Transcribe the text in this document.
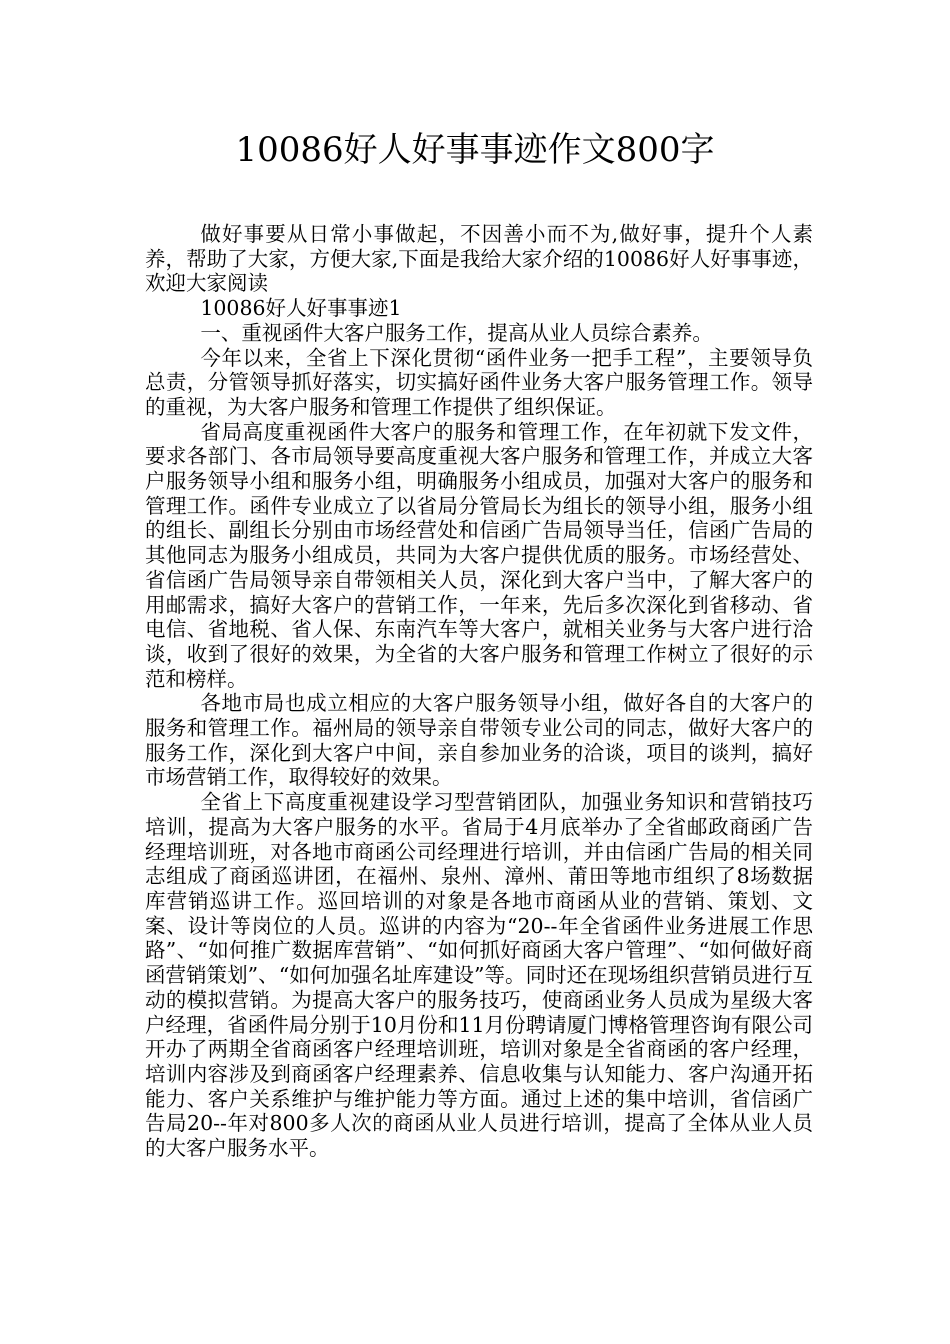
10086好人好事事迹作文800字

做好事要从日常小事做起，不因善小而不为,做好事，提升个人素养，帮助了大家，方便大家,下面是我给大家介绍的10086好人好事事迹，欢迎大家阅读

10086好人好事事迹1

一、重视函件大客户服务工作，提高从业人员综合素养。

今年以来，全省上下深化贯彻“函件业务一把手工程”，主要领导负总责，分管领导抓好落实，切实搞好函件业务大客户服务管理工作。领导的重视，为大客户服务和管理工作提供了组织保证。

省局高度重视函件大客户的服务和管理工作，在年初就下发文件，要求各部门、各市局领导要高度重视大客户服务和管理工作，并成立大客户服务领导小组和服务小组，明确服务小组成员，加强对大客户的服务和管理工作。函件专业成立了以省局分管局长为组长的领导小组，服务小组的组长、副组长分别由市场经营处和信函广告局领导当任，信函广告局的其他同志为服务小组成员，共同为大客户提供优质的服务。市场经营处、省信函广告局领导亲自带领相关人员，深化到大客户当中，了解大客户的用邮需求，搞好大客户的营销工作，一年来，先后多次深化到省移动、省电信、省地税、省人保、东南汽车等大客户，就相关业务与大客户进行洽谈，收到了很好的效果，为全省的大客户服务和管理工作树立了很好的示范和榜样。

各地市局也成立相应的大客户服务领导小组，做好各自的大客户的服务和管理工作。福州局的领导亲自带领专业公司的同志，做好大客户的服务工作，深化到大客户中间，亲自参加业务的洽谈，项目的谈判，搞好市场营销工作，取得较好的效果。

全省上下高度重视建设学习型营销团队，加强业务知识和营销技巧培训，提高为大客户服务的水平。省局于4月底举办了全省邮政商函广告经理培训班，对各地市商函公司经理进行培训，并由信函广告局的相关同志组成了商函巡讲团，在福州、泉州、漳州、莆田等地市组织了8场数据库营销巡讲工作。巡回培训的对象是各地市商函从业的营销、策划、文案、设计等岗位的人员。巡讲的内容为“20--年全省函件业务进展工作思路”、“如何推广数据库营销”、“如何抓好商函大客户管理”、“如何做好商函营销策划”、“如何加强名址库建设”等。同时还在现场组织营销员进行互动的模拟营销。为提高大客户的服务技巧，使商函业务人员成为星级大客户经理，省函件局分别于10月份和11月份聘请厦门博格管理咨询有限公司开办了两期全省商函客户经理培训班，培训对象是全省商函的客户经理，培训内容涉及到商函客户经理素养、信息收集与认知能力、客户沟通开拓能力、客户关系维护与维护能力等方面。通过上述的集中培训，省信函广告局20--年对800多人次的商函从业人员进行培训，提高了全体从业人员的大客户服务水平。
